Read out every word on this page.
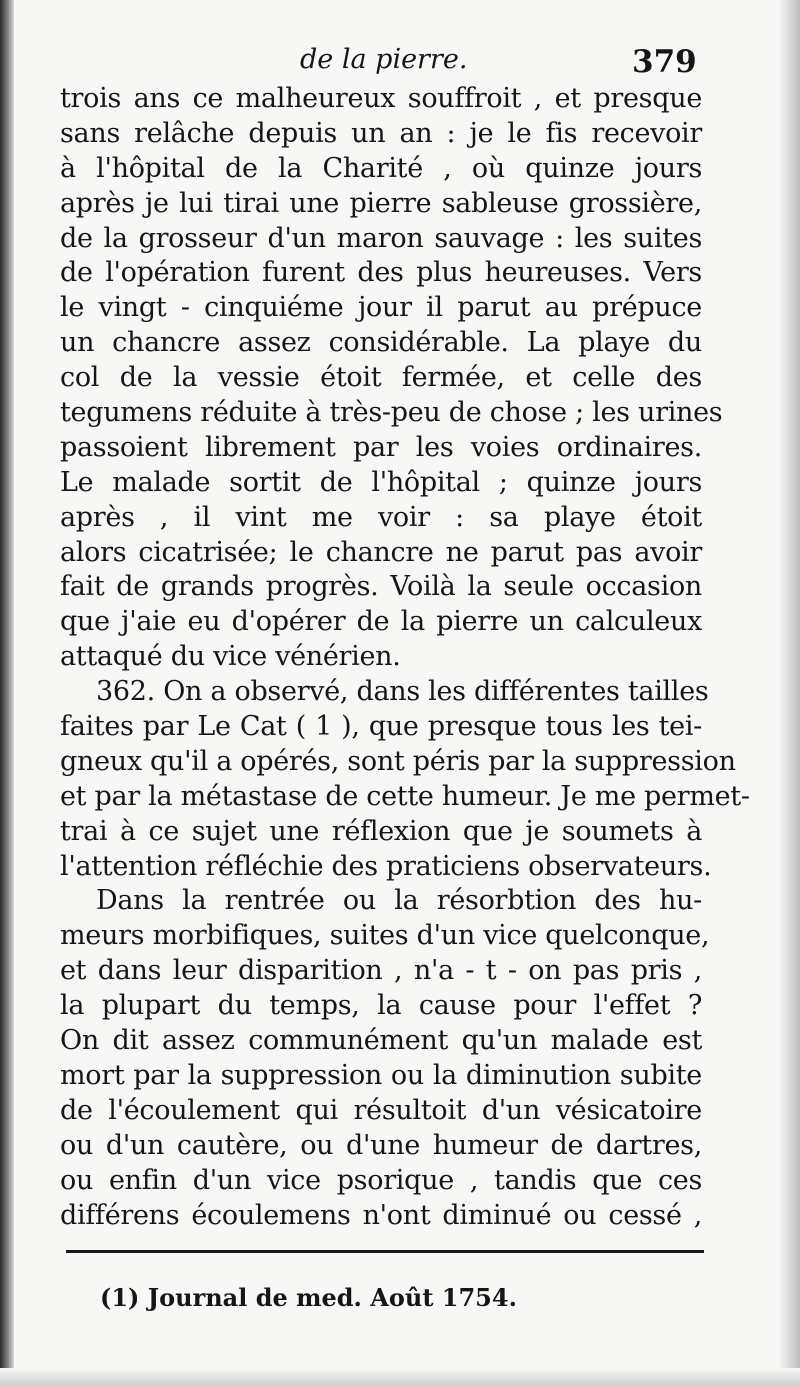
de la pierre.	379
trois ans ce malheureux souffroit , et presque
sans relâche depuis un an : je le fis recevoir
à l'hôpital de la Charité , où quinze jours
après je lui tirai une pierre sableuse grossière,
de la grosseur d'un maron sauvage : les suites
de l'opération furent des plus heureuses. Vers
le vingt - cinquiéme jour il parut au prépuce
un chancre assez considérable. La playe du
col de la vessie étoit fermée, et celle des
tegumens réduite à très-peu de chose ; les urines
passoient librement par les voies ordinaires.
Le malade sortit de l'hôpital ; quinze jours
après , il vint me voir : sa playe étoit
alors cicatrisée; le chancre ne parut pas avoir
fait de grands progrès. Voilà la seule occasion
que j'aie eu d'opérer de la pierre un calculeux
attaqué du vice vénérien.
362. On a observé, dans les différentes tailles
faites par Le Cat ( 1 ), que presque tous les tei-
gneux qu'il a opérés, sont péris par la suppression
et par la métastase de cette humeur. Je me permet-
trai à ce sujet une réflexion que je soumets à
l'attention réfléchie des praticiens observateurs.
Dans la rentrée ou la résorbtion des hu-
meurs morbifiques, suites d'un vice quelconque,
et dans leur disparition , n'a - t - on pas pris ,
la plupart du temps, la cause pour l'effet ?
On dit assez communément qu'un malade est
mort par la suppression ou la diminution subite
de l'écoulement qui résultoit d'un vésicatoire
ou d'un cautère, ou d'une humeur de dartres,
ou enfin d'un vice psorique , tandis que ces
différens écoulemens n'ont diminué ou cessé ,
(1) Journal de med. Août 1754.
